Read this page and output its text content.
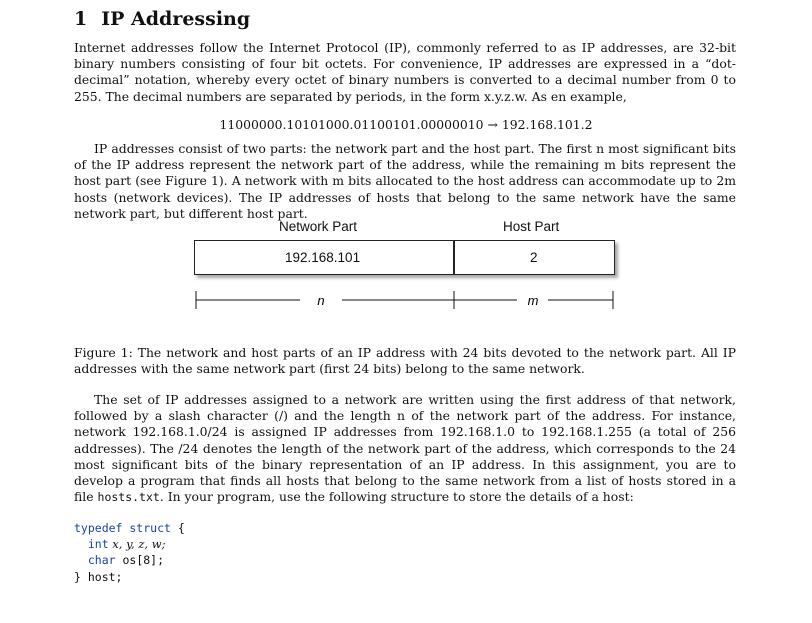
1 IP Addressing

Internet addresses follow the Internet Protocol (IP), commonly referred to as IP addresses, are 32-bit binary numbers consisting of four bit octets. For convenience, IP addresses are expressed in a “dot-decimal” notation, whereby every octet of binary numbers is converted to a decimal number from 0 to 255. The decimal numbers are separated by periods, in the form x.y.z.w. As en example,

11000000.10101000.01100101.00000010 → 192.168.101.2

IP addresses consist of two parts: the network part and the host part. The first n most significant bits of the IP address represent the network part of the address, while the remaining m bits represent the host part (see Figure 1). A network with m bits allocated to the host address can accommodate up to 2m hosts (network devices). The IP addresses of hosts that belong to the same network have the same network part, but different host part.

Network Part	Host Part
192.168.101	2
n	m

Figure 1: The network and host parts of an IP address with 24 bits devoted to the network part. All IP addresses with the same network part (first 24 bits) belong to the same network.

The set of IP addresses assigned to a network are written using the first address of that network, followed by a slash character (/) and the length n of the network part of the address. For instance, network 192.168.1.0/24 is assigned IP addresses from 192.168.1.0 to 192.168.1.255 (a total of 256 addresses). The /24 denotes the length of the network part of the address, which corresponds to the 24 most significant bits of the binary representation of an IP address. In this assignment, you are to develop a program that finds all hosts that belong to the same network from a list of hosts stored in a file hosts.txt. In your program, use the following structure to store the details of a host:

typedef struct {
int x, y, z, w;
char os[8];
} host;
